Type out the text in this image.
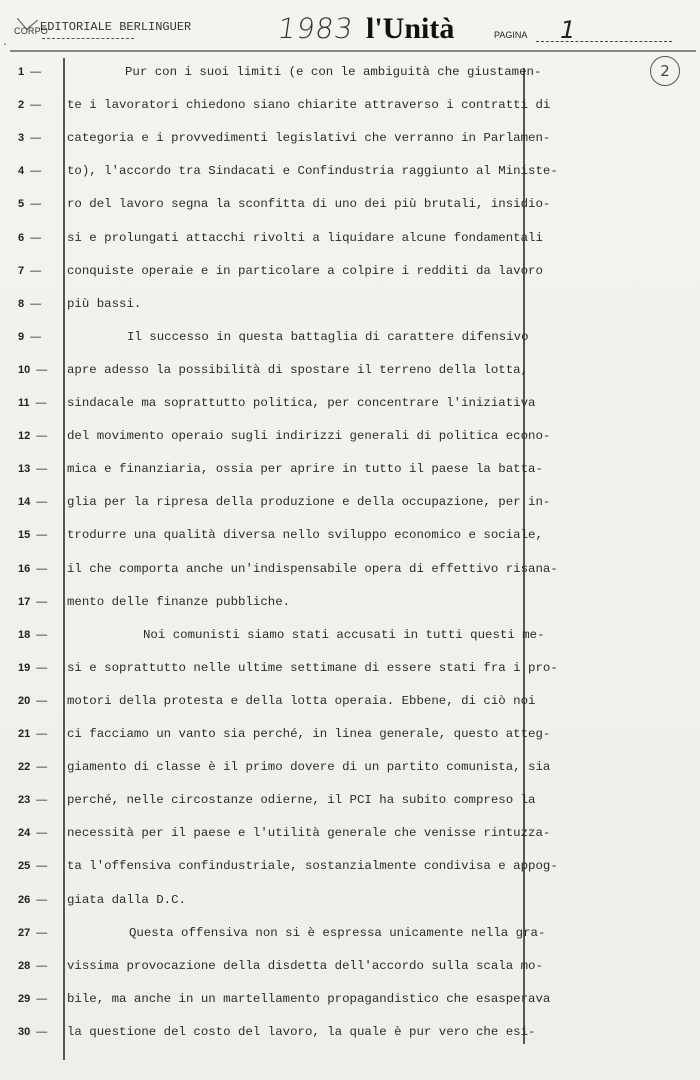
.
CORPO
EDITORIALE BERLINGUER	1983 l'Unità	PAGINA 1
2
1 —	Pur con i suoi limiti (e con le ambiguità che giustamen-
2 —	te i lavoratori chiedono siano chiarite attraverso i contratti di
3 —	categoria e i provvedimenti legislativi che verranno in Parlamen-
4 —	to), l'accordo tra Sindacati e Confindustria raggiunto al Ministe-
5 —	ro del lavoro segna la sconfitta di uno dei più brutali, insidio-
6 —	si e prolungati attacchi rivolti a liquidare alcune fondamentali
7 —	conquiste operaie e in particolare a colpire i redditi da lavoro
8 —	più bassi.
9 —	Il successo in questa battaglia di carattere difensivo
10 —	apre adesso la possibilità di spostare il terreno della lotta,
11 —	sindacale ma soprattutto politica, per concentrare l'iniziativa
12 —	del movimento operaio sugli indirizzi generali di politica econo-
13 —	mica e finanziaria, ossia per aprire in tutto il paese la batta-
14 —	glia per la ripresa della produzione e della occupazione, per in-
15 —	trodurre una qualità diversa nello sviluppo economico e sociale,
16 —	il che comporta anche un'indispensabile opera di effettivo risana-
17 —	mento delle finanze pubbliche.
18 —	Noi comunisti siamo stati accusati in tutti questi me-
19 —	si e soprattutto nelle ultime settimane di essere stati fra i pro-
20 —	motori della protesta e della lotta operaia. Ebbene, di ciò noi
21 —	ci facciamo un vanto sia perché, in linea generale, questo atteg-
22 —	giamento di classe è il primo dovere di un partito comunista, sia
23 —	perché, nelle circostanze odierne, il PCI ha subito compreso la
24 —	necessità per il paese e l'utilità generale che venisse rintuzza-
25 —	ta l'offensiva confindustriale, sostanzialmente condivisa e appog-
26 —	giata dalla D.C.
27 —	Questa offensiva non si è espressa unicamente nella gra-
28 —	vissima provocazione della disdetta dell'accordo sulla scala mo-
29 —	bile, ma anche in un martellamento propagandistico che esasperava
30 —	la questione del costo del lavoro, la quale è pur vero che esi-
